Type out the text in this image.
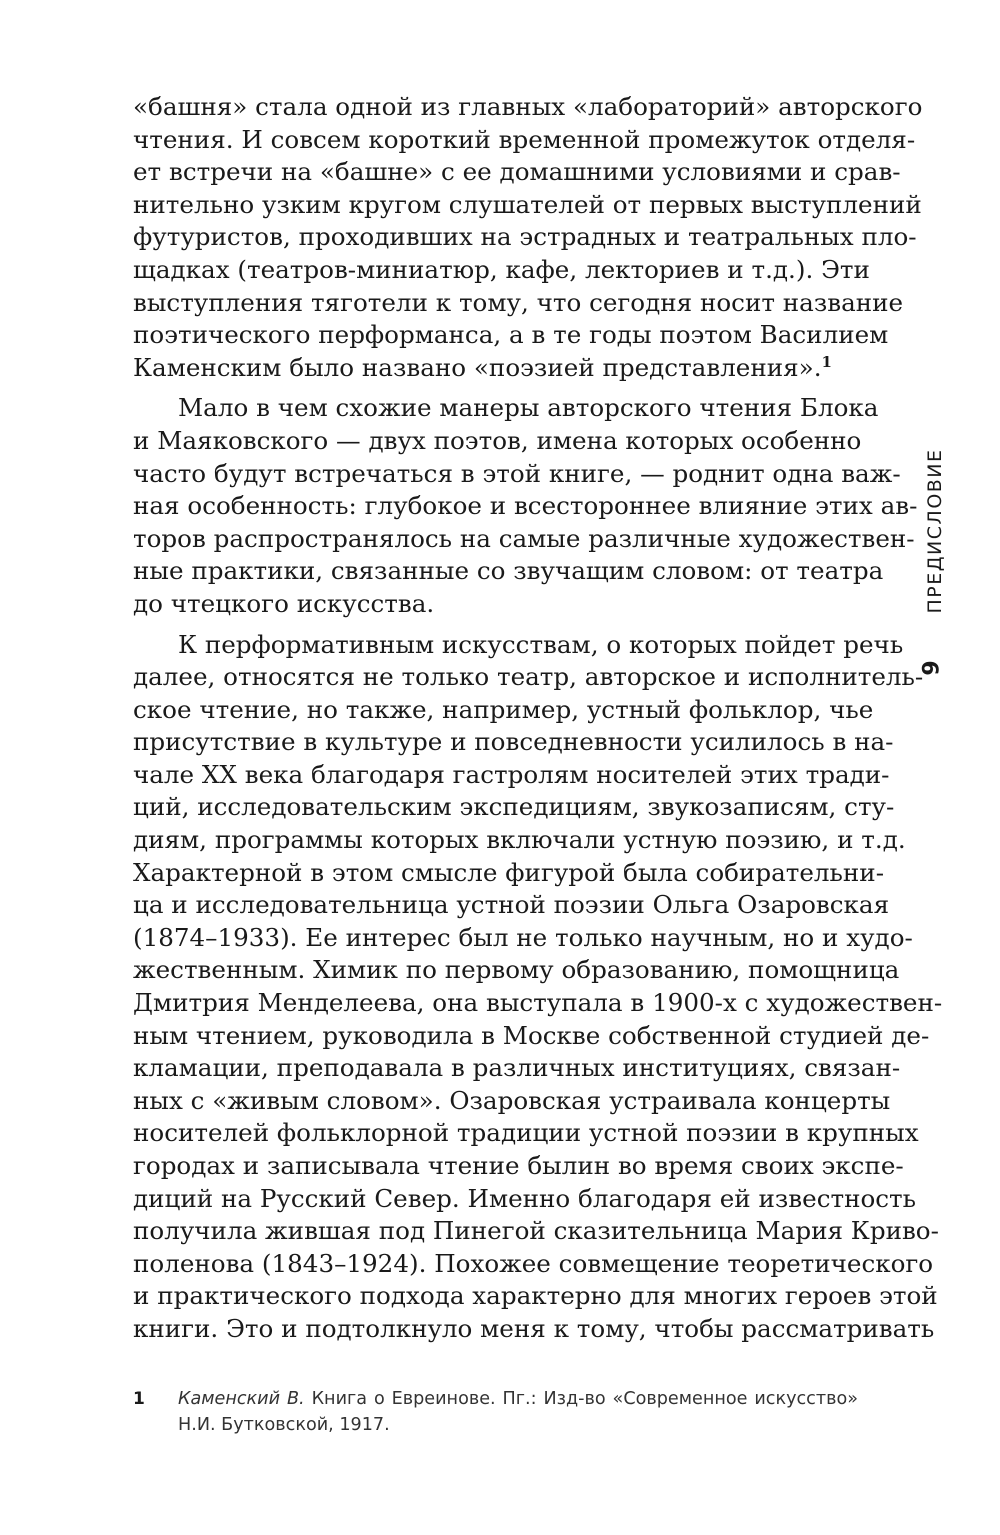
«башня» стала одной из главных «лабораторий» авторского
чтения. И совсем короткий временной промежуток отделя-
ет встречи на «башне» с ее домашними условиями и срав-
нительно узким кругом слушателей от первых выступлений
футуристов, проходивших на эстрадных и театральных пло-
щадках (театров-миниатюр, кафе, лекториев и т.д.). Эти
выступления тяготели к тому, что сегодня носит название
поэтического перформанса, а в те годы поэтом Василием
Каменским было названо «поэзией представления».$^1$
Мало в чем схожие манеры авторского чтения Блока
и Маяковского — двух поэтов, имена которых особенно
часто будут встречаться в этой книге, — роднит одна важ-
ная особенность: глубокое и всестороннее влияние этих ав-
торов распространялось на самые различные художествен-
ные практики, связанные со звучащим словом: от театра
до чтецкого искусства.
К перформативным искусствам, о которых пойдет речь
далее, относятся не только театр, авторское и исполнитель-
ское чтение, но также, например, устный фольклор, чье
присутствие в культуре и повседневности усилилось в на-
чале XX века благодаря гастролям носителей этих тради-
ций, исследовательским экспедициям, звукозаписям, сту-
диям, программы которых включали устную поэзию, и т.д.
Характерной в этом смысле фигурой была собирательни-
ца и исследовательница устной поэзии Ольга Озаровская
(1874–1933). Ее интерес был не только научным, но и худо-
жественным. Химик по первому образованию, помощница
Дмитрия Менделеева, она выступала в 1900-х с художествен-
ным чтением, руководила в Москве собственной студией де-
кламации, преподавала в различных институциях, связан-
ных с «живым словом». Озаровская устраивала концерты
носителей фольклорной традиции устной поэзии в крупных
городах и записывала чтение былин во время своих экспе-
диций на Русский Север. Именно благодаря ей известность
получила жившая под Пинегой сказительница Мария Криво-
поленова (1843–1924). Похожее совмещение теоретического
и практического подхода характерно для многих героев этой
книги. Это и подтолкнуло меня к тому, чтобы рассматривать
ПРЕДИСЛОВИЕ
9
1 Каменский В. Книга о Евреинове. Пг.: Изд-во «Современное искусство»
Н.И. Бутковской, 1917.
